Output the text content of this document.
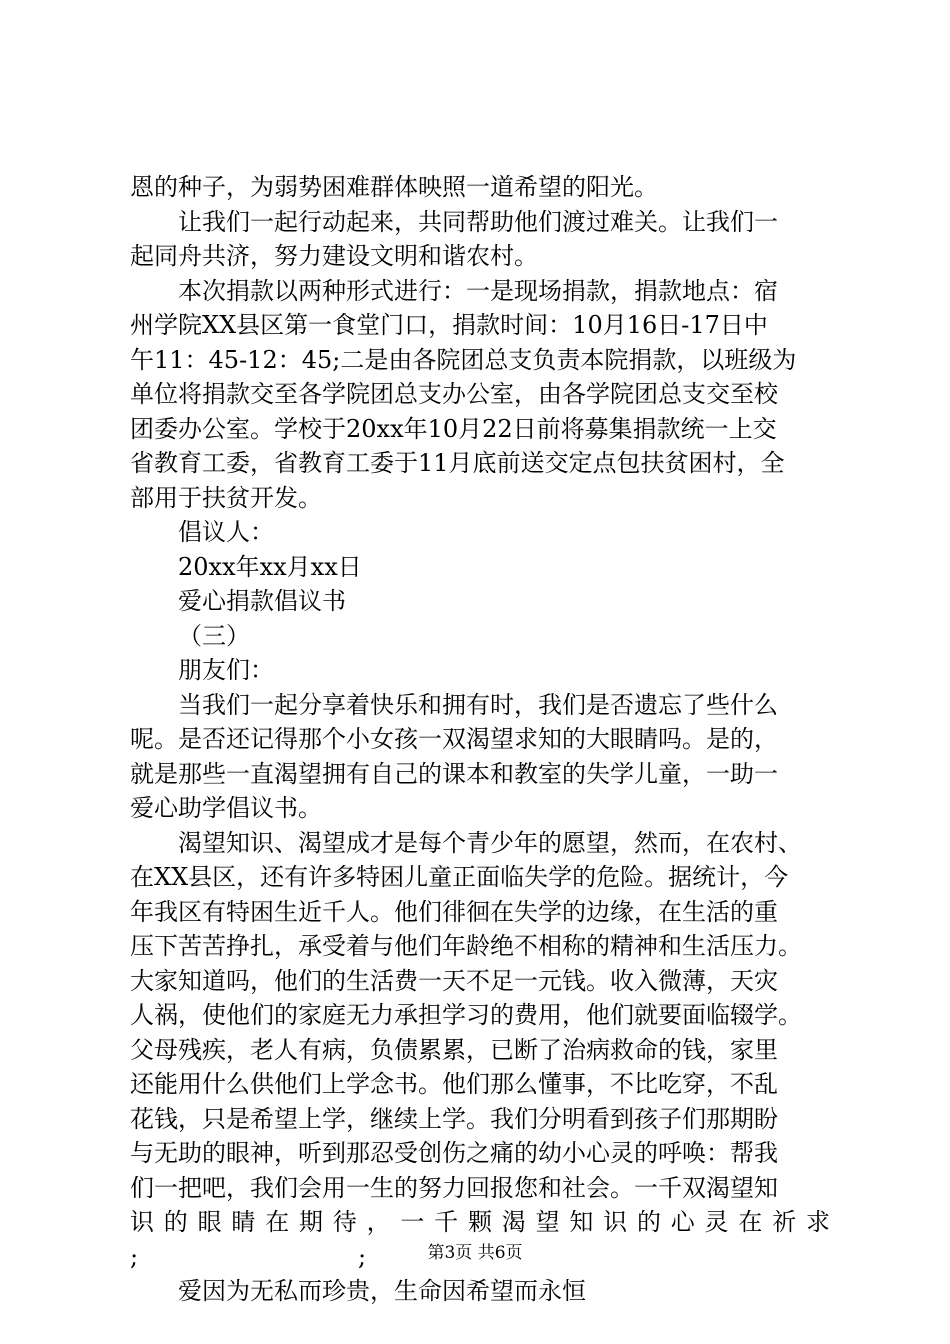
恩的种子，为弱势困难群体映照一道希望的阳光。
让我们一起行动起来，共同帮助他们渡过难关。让我们一
起同舟共济，努力建设文明和谐农村。
本次捐款以两种形式进行：一是现场捐款，捐款地点：宿
州学院XX县区第一食堂门口，捐款时间：10月16日-17日中
午11：45-12：45;二是由各院团总支负责本院捐款，以班级为
单位将捐款交至各学院团总支办公室，由各学院团总支交至校
团委办公室。学校于20xx年10月22日前将募集捐款统一上交
省教育工委，省教育工委于11月底前送交定点包扶贫困村，全
部用于扶贫开发。
倡议人：
20xx年xx月xx日
爱心捐款倡议书
（三）
朋友们：
当我们一起分享着快乐和拥有时，我们是否遗忘了些什么
呢。是否还记得那个小女孩一双渴望求知的大眼睛吗。是的，
就是那些一直渴望拥有自己的课本和教室的失学儿童，一助一
爱心助学倡议书。
渴望知识、渴望成才是每个青少年的愿望，然而，在农村、
在XX县区，还有许多特困儿童正面临失学的危险。据统计，今
年我区有特困生近千人。他们徘徊在失学的边缘，在生活的重
压下苦苦挣扎，承受着与他们年龄绝不相称的精神和生活压力。
大家知道吗，他们的生活费一天不足一元钱。收入微薄，天灾
人祸，使他们的家庭无力承担学习的费用，他们就要面临辍学。
父母残疾，老人有病，负债累累，已断了治病救命的钱，家里
还能用什么供他们上学念书。他们那么懂事，不比吃穿，不乱
花钱，只是希望上学，继续上学。我们分明看到孩子们那期盼
与无助的眼神，听到那忍受创伤之痛的幼小心灵的呼唤：帮我
们一把吧，我们会用一生的努力回报您和社会。一千双渴望知
识 的 眼 睛 在 期 待 ， 一 千 颗 渴 望 知 识 的 心 灵 在 祈 求
;	;
爱因为无私而珍贵，生命因希望而永恒
第3页 共6页
